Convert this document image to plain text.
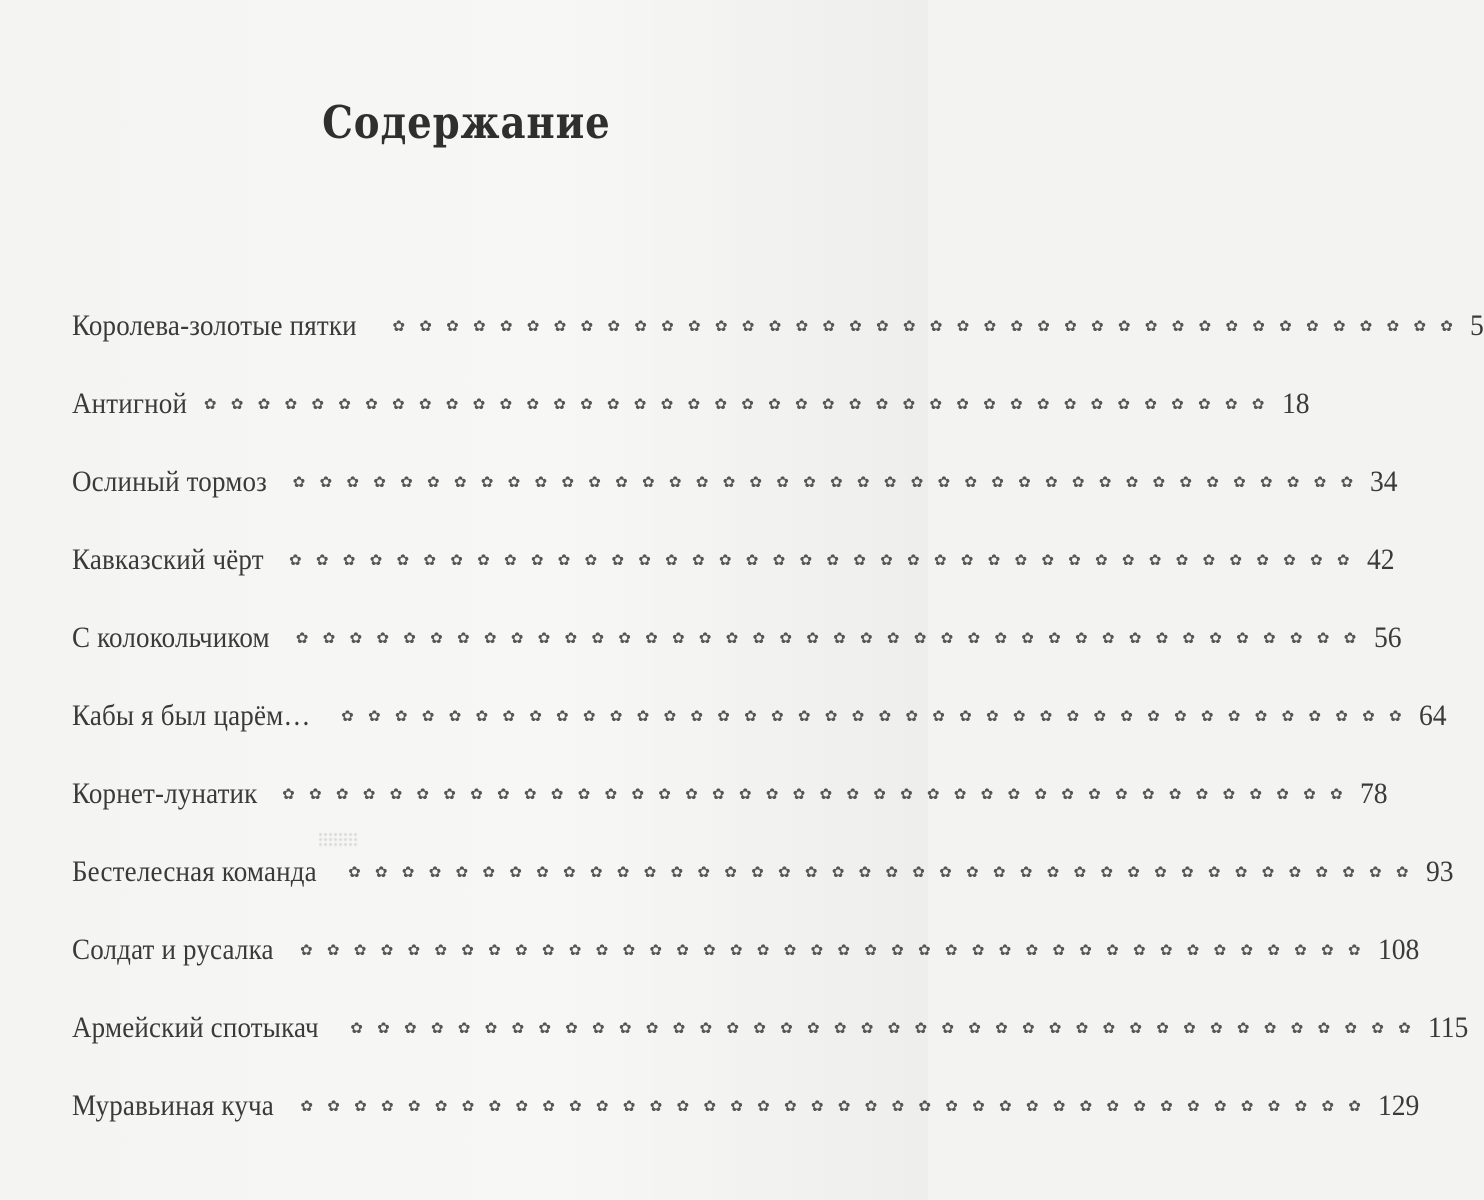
Содержание
Королева-золотые пятки ✿✿✿✿✿✿✿✿✿✿✿✿✿✿✿✿✿✿✿✿✿✿✿✿✿✿✿✿✿✿✿✿✿✿✿✿✿✿✿✿ 5
Антигной ✿✿✿✿✿✿✿✿✿✿✿✿✿✿✿✿✿✿✿✿✿✿✿✿✿✿✿✿✿✿✿✿✿✿✿✿✿✿✿✿ 18
Ослиный тормоз ✿✿✿✿✿✿✿✿✿✿✿✿✿✿✿✿✿✿✿✿✿✿✿✿✿✿✿✿✿✿✿✿✿✿✿✿✿✿✿✿ 34
Кавказский чёрт ✿✿✿✿✿✿✿✿✿✿✿✿✿✿✿✿✿✿✿✿✿✿✿✿✿✿✿✿✿✿✿✿✿✿✿✿✿✿✿✿ 42
С колокольчиком ✿✿✿✿✿✿✿✿✿✿✿✿✿✿✿✿✿✿✿✿✿✿✿✿✿✿✿✿✿✿✿✿✿✿✿✿✿✿✿✿ 56
Кабы я был царём… ✿✿✿✿✿✿✿✿✿✿✿✿✿✿✿✿✿✿✿✿✿✿✿✿✿✿✿✿✿✿✿✿✿✿✿✿✿✿✿✿ 64
Корнет-лунатик ✿✿✿✿✿✿✿✿✿✿✿✿✿✿✿✿✿✿✿✿✿✿✿✿✿✿✿✿✿✿✿✿✿✿✿✿✿✿✿✿ 78
Бестелесная команда ✿✿✿✿✿✿✿✿✿✿✿✿✿✿✿✿✿✿✿✿✿✿✿✿✿✿✿✿✿✿✿✿✿✿✿✿✿✿✿✿ 93
Солдат и русалка ✿✿✿✿✿✿✿✿✿✿✿✿✿✿✿✿✿✿✿✿✿✿✿✿✿✿✿✿✿✿✿✿✿✿✿✿✿✿✿✿ 108
Армейский спотыкач ✿✿✿✿✿✿✿✿✿✿✿✿✿✿✿✿✿✿✿✿✿✿✿✿✿✿✿✿✿✿✿✿✿✿✿✿✿✿✿✿ 115
Муравьиная куча ✿✿✿✿✿✿✿✿✿✿✿✿✿✿✿✿✿✿✿✿✿✿✿✿✿✿✿✿✿✿✿✿✿✿✿✿✿✿✿✿ 129
